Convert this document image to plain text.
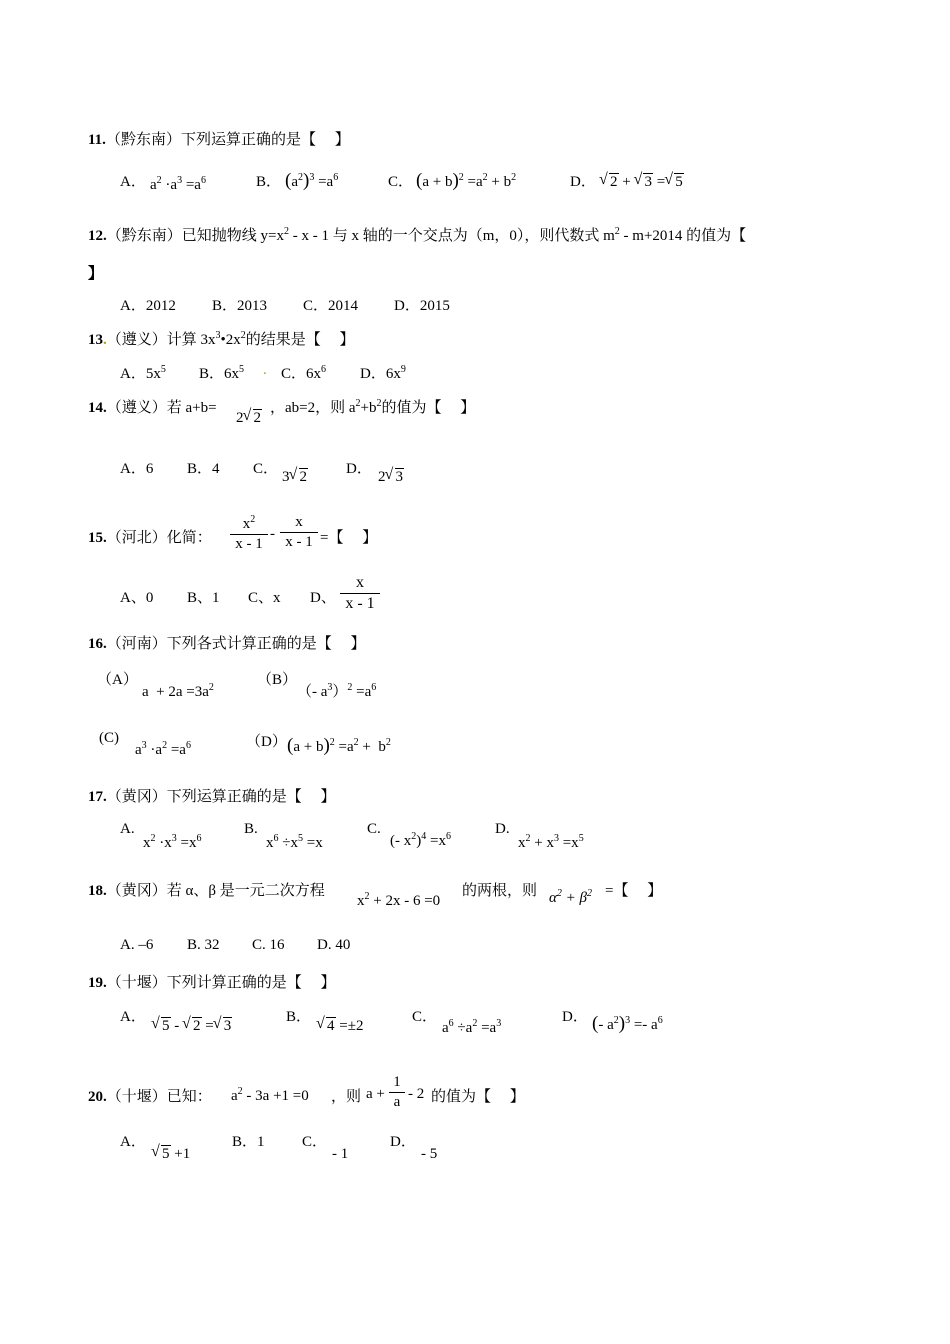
11.（黔东南）下列运算正确的是【　 】
A． $a^2 \cdot a^3 =a^6$	B． $(a^2)^3 =a^6$	C． $(a + b)^2 =a^2 + b^2$	D． √ 2 + √ 3 = √ 5
12.（黔东南）已知抛物线 $y=x^2 - x - 1$ 与 x 轴的一个交点为（m，0），则代数式 $m^2 - m+2014$ 的值为【
】
A．2012 B．2013 C．2014 D．2015
13.（遵义）计算 $3x^3•2x^2$的结果是【　 】
A．$5x^5$ B．$6x^5$ . C．$6x^6$ D．$6x^9$
14.（遵义）若 a+b=
2 √ 2
，ab=2，则 $a^2+b^2$的值为【　 】
A．6 B．4 C． 3 √ 2	D． 2 √ 3
15.（河北）化简：
$x^2$
x - 1
-
x
x - 1 =【　 】
A、0 B、1 C、x D、
x
x - 1
16.（河南）下列各式计算正确的是【　 】
（A）
$a + 2a =3a^2$	（B）
（- $a^3)^2 =a^6$
(C)
$a^3 \cdot a^2 =a^6$	（D） $(a + b)^2 =a^2 + b^2$
17.（黄冈）下列运算正确的是【　 】
A.
$x^2 \cdot x^3 =x^6$
B.
$x^6 \div x^5 =x$
C.
(- $x^2)^4 =x^6$	D.
$x^2 + x^3 =x^5$
18.（黄冈）若 α、β 是一元二次方程
$x^2 + 2x - 6 =0$
的两根，则 $\alpha^2 + \beta^2$ =【　 】
A. –6 B. 32 C. 16 D. 40
19.（十堰）下列计算正确的是【　 】
A． √ 5 - √ 2 = √ 3
B． √ 4 =±2
C．
$a^6 \div a^2 =a^3$	D． (- $a^2)^3 =- a^6$
20.（十堰）已知： $a^2 - 3a +1 =0$ ，则 a +
1
a - 2 的值为【　 】
A．
√ 5 +1
B．1 C．
- 1
D．
- 5
